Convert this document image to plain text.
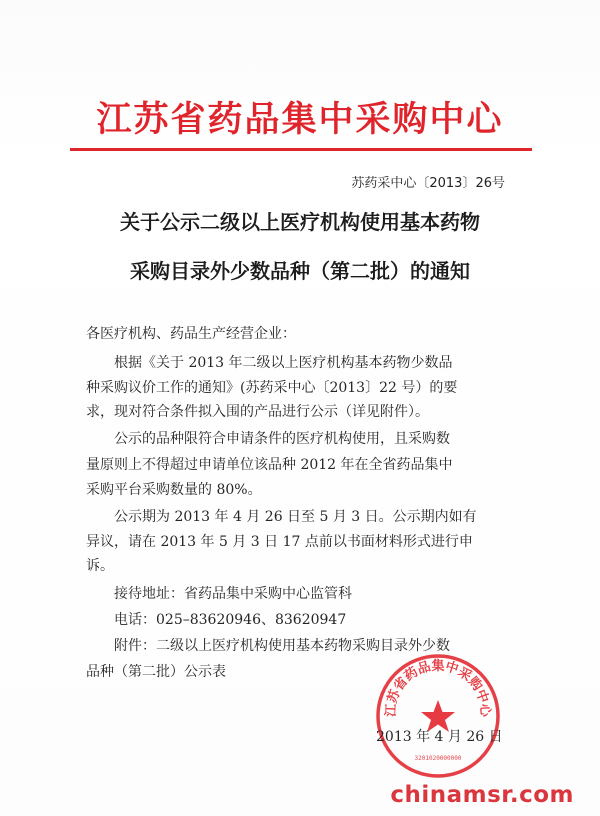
江苏省药品集中采购中心
苏药采中心〔2013〕26号
关于公示二级以上医疗机构使用基本药物
采购目录外少数品种（第二批）的通知
各医疗机构、药品生产经营企业：
根据《关于 2013 年二级以上医疗机构基本药物少数品
种采购议价工作的通知》(苏药采中心〔2013〕22 号）的要
求，现对符合条件拟入围的产品进行公示（详见附件）。
公示的品种限符合申请条件的医疗机构使用，且采购数
量原则上不得超过申请单位该品种 2012 年在全省药品集中
采购平台采购数量的 80%。
公示期为 2013 年 4 月 26 日至 5 月 3 日。公示期内如有
异议，请在 2013 年 5 月 3 日 17 点前以书面材料形式进行申
诉。
接待地址：省药品集中采购中心监管科
电话：025–83620946、83620947
附件：二级以上医疗机构使用基本药物采购目录外少数
品种（第二批）公示表
江苏省药品集中采购中心
3201020000000
2013 年 4 月 26 日
chinamsr.com
